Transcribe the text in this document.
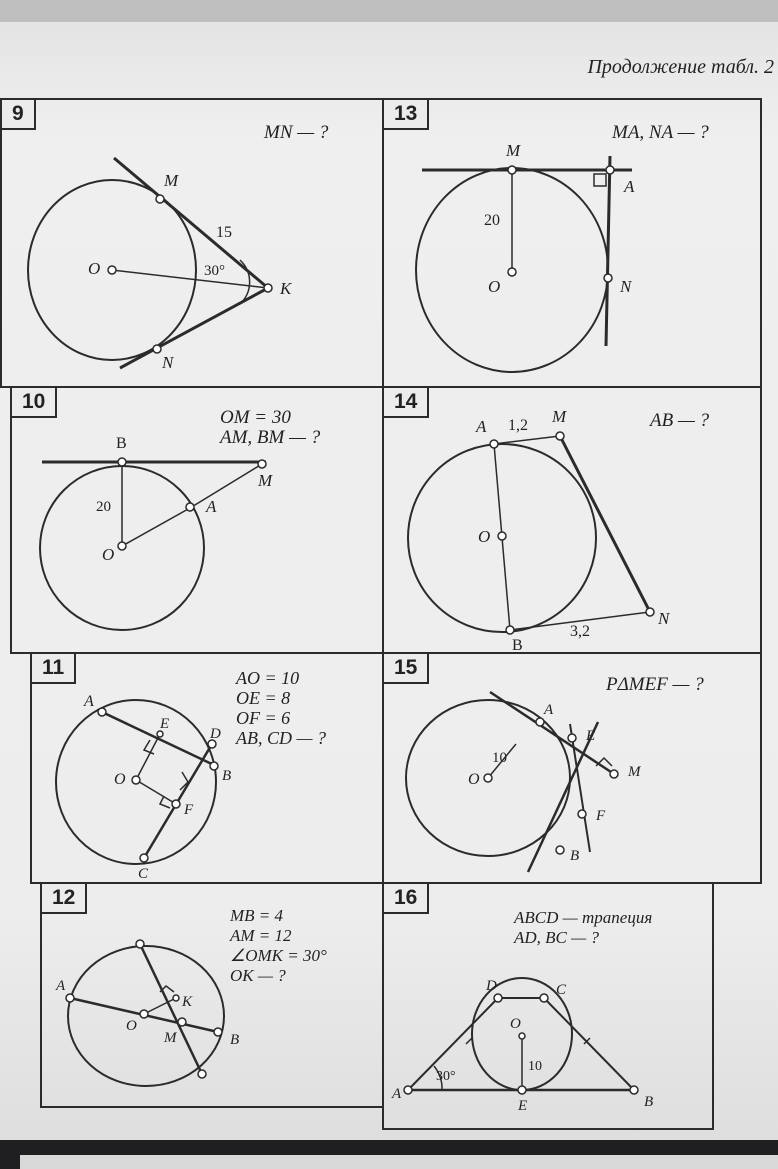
Продолжение табл. 2
9
MN — ?
M
N
O
K
15
30°
13
MA, NA — ?
M
A
N
O
20
10
OM = 30
AM, BM — ?
B
M
A
O
20
14
AB — ?
A 1,2 M
B
N
3,2
O
11	AO = 10
OE = 8
OF = 6
AB, CD — ?
A
E
D
O	B
F
C
15
PΔMEF — ?
A
E
M
F
B
O
10
12
MB = 4
AM = 12
∠OMK = 30°
OK — ?
A
K
O
M	B
16
ABCD — трапеция
AD, BC — ?
D	C
O
A
E	B
10
30°
